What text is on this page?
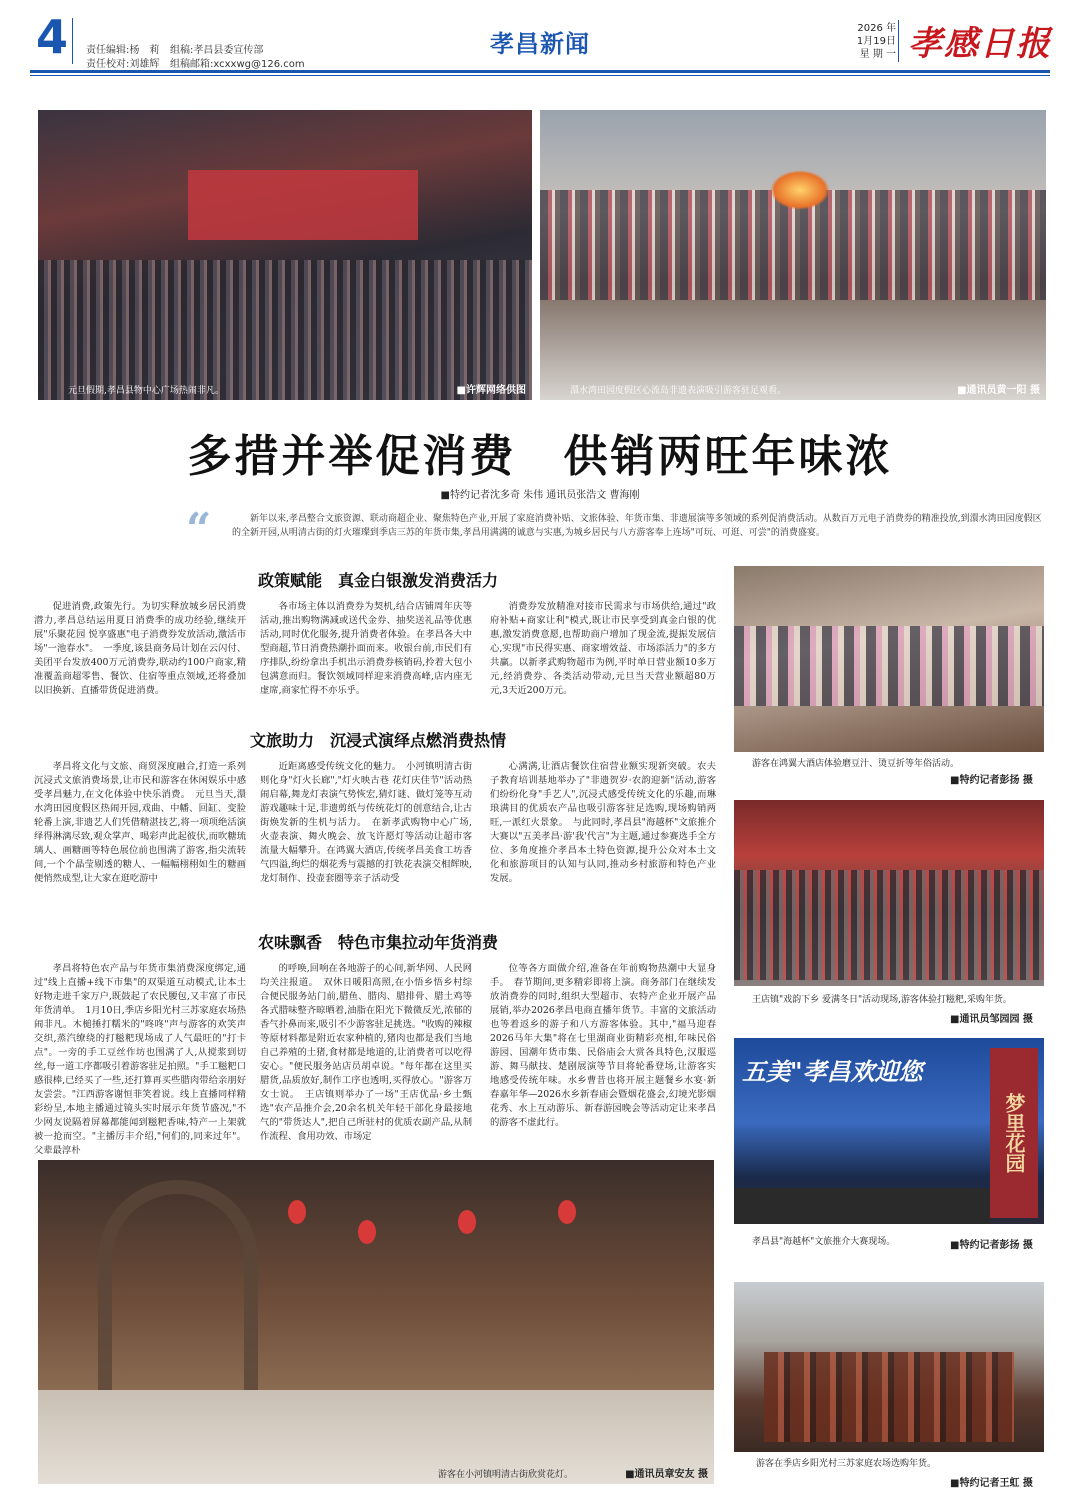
4 责任编辑:杨　莉
责任校对:刘雄辉
组稿:孝昌县委宣传部
组稿邮箱:xcxxwg@126.com
孝昌新闻
2026 年
1月19日
星 期 一 孝感日报
元旦假期,孝昌县物中心广场热闹非凡。	■许辉网络供图	澴水湾田园度假区心流岛非遗表演吸引游客驻足观看。	■通讯员黄一阳 摄
多措并举促消费　供销两旺年味浓
■特约记者沈多奇 朱伟 通讯员张浩文 曹海刚
“	新年以来,孝昌整合文旅资源、联动商超企业、聚焦特色产业,开展了家庭消费补贴、文旅体验、年货市集、非遗展演等多领域的系列促消费活动。从数百万元电子消费券的精准投放,到澴水湾田园度假区的全新开园,从明清古街的灯火璀璨到季店三苏的年货市集,孝昌用满满的诚意与实惠,为城乡居民与八方游客奉上连场"可玩、可逛、可尝"的消费盛宴。
政策赋能　真金白银激发消费活力

促进消费,政策先行。为切实释放城乡居民消费潜力,孝昌总结运用夏日消费季的成功经验,继续开展"乐聚花园 悦享盛惠"电子消费券发放活动,激活市场"一池春水"。　一季度,该县商务局计划在云闪付、美团平台发放400万元消费券,联动约100户商家,精准覆盖商超零售、餐饮、住宿等重点领域,还将叠加以旧换新、直播带货促进消费。

各市场主体以消费券为契机,结合店铺周年庆等活动,推出购物满减或送代金券、抽奖送礼品等优惠活动,同时优化服务,提升消费者体验。在孝昌各大中型商超,节日消费热潮扑面而来。收银台前,市民们有序排队,纷纷拿出手机出示消费券核销码,拎着大包小包满意而归。餐饮领域同样迎来消费高峰,店内座无虚席,商家忙得不亦乐乎。

消费券发放精准对接市民需求与市场供给,通过"政府补贴+商家让利"模式,既让市民享受到真金白银的优惠,激发消费意愿,也帮助商户增加了现金流,提振发展信心,实现"市民得实惠、商家增效益、市场添活力"的多方共赢。以新孝武购物超市为例,平时单日营业额10多万元,经消费券、各类活动带动,元旦当天营业额超80万元,3天近200万元。

文旅助力　沉浸式演绎点燃消费热情

孝昌将文化与文旅、商贸深度融合,打造一系列沉浸式文旅消费场景,让市民和游客在休闲娱乐中感受孝昌魅力,在文化体验中快乐消费。　元旦当天,澴水湾田园度假区热闹开园,戏曲、中幡、回缸、变脸轮番上演,非遗艺人们凭借精湛技艺,将一项项绝活演绎得淋漓尽致,观众掌声、喝彩声此起彼伏,而吹糖琉璃人、画糖画等特色展位前也围满了游客,指尖流转间,一个个晶莹剔透的糖人、一幅幅栩栩如生的糖画便悄然成型,让大家在逛吃游中

近距离感受传统文化的魅力。　小河镇明清古街则化身"灯火长廊","灯火映古巷 花灯庆佳节"活动热闹启幕,舞龙灯表演气势恢宏,猜灯谜、做灯笼等互动游戏趣味十足,非遗剪纸与传统花灯的创意结合,让古街焕发新的生机与活力。　在新孝武购物中心广场,火壶表演、舞火晚会、放飞许愿灯等活动让超市客流量大幅攀升。在鸿翼大酒店,传统孝昌美食工坊香气四溢,绚烂的烟花秀与震撼的打铁花表演交相辉映,龙灯制作、投壶套圈等亲子活动受

心满满,让酒店餐饮住宿营业额实现新突破。农夫子教育培训基地举办了"非遗贺岁·农韵迎新"活动,游客们纷纷化身"手艺人",沉浸式感受传统文化的乐趣,而琳琅满目的优质农产品也吸引游客驻足选购,现场购销两旺,一派红火景象。　与此同时,孝昌县"海越杯"文旅推介大赛以"五美孝昌·游'我'代言"为主题,通过参赛选手全方位、多角度推介孝昌本土特色资源,提升公众对本土文化和旅游项目的认知与认同,推动乡村旅游和特色产业发展。

农味飘香　特色市集拉动年货消费

孝昌将特色农产品与年货市集消费深度绑定,通过"线上直播+线下市集"的双渠道互动模式,让本土好物走进千家万户,既鼓起了农民腰包,又丰富了市民年货清单。　1月10日,季店乡阳光村三苏家庭农场热闹非凡。木槌捶打糯米的"咚咚"声与游客的欢笑声交织,蒸汽缭绕的打糍粑现场成了人气最旺的"打卡点"。一旁的手工豆丝作坊也围满了人,从搅浆到切丝,每一道工序都吸引着游客驻足拍照。"手工糍粑口感很棒,已经买了一些,还打算再买些腊肉带给亲朋好友尝尝。"江西游客谢恒菲笑着说。线上直播同样精彩纷呈,本地主播通过镜头实时展示年货节盛况,"不少网友说隔着屏幕都能闻到糍粑香味,特产一上架就被一抢而空。"主播厉丰介绍,"何们的,同来过年"。父辈最淳朴

的呼唤,回响在各地游子的心间,新华网、人民网均关注报道。　双休日暖阳高照,在小悟乡悟乡村综合便民服务站门前,腊鱼、腊肉、腊排骨、腊土鸡等各式腊味整齐晾晒着,油脂在阳光下微微反光,浓郁的香气扑鼻而来,吸引不少游客驻足挑选。"收购的辣椒等原材料都是附近农家种植的,猪肉也都是我们当地自己养殖的土猪,食材都是地道的,让消费者可以吃得安心。"便民服务站店员胡卓说。"每年都在这里买腊货,品质放好,制作工序也透明,买得放心。"游客万女士说。　王店镇则举办了一场"王店优品·乡土甄选"农产品推介会,20余名机关年轻干部化身最接地气的"带货达人",把自己所驻村的优质农副产品,从制作流程、食用功效、市场定

位等各方面做介绍,准备在年前购物热潮中大显身手。　春节期间,更多精彩即将上演。商务部门在继续发放消费券的同时,组织大型超市、农特产企业开展产品展销,举办2026孝昌电商直播年货节。丰富的文旅活动也等着返乡的游子和八方游客体验。其中,"福马迎春 2026马年大集"将在七里湖商业街精彩亮相,年味民俗游园、国潮年货市集、民俗庙会大赏各具特色,汉服巡游、舞马献技、楚剧展演等节目将轮番登场,让游客实地感受传统年味。水乡曹昔也将开展主题餐乡水宴·新春嘉年华—2026水乡新春庙会暨烟花盛会,幻境光影烟花秀、水上互动游乐、新春游园晚会等活动定让来孝昌的游客不虚此行。

游客在小河镇明清古街欣赏花灯。	■通讯员章安友 摄
游客在鸿翼大酒店体验磨豆汁、烫豆折等年俗活动。
■特约记者彭扬 摄
王店镇"戏韵下乡 爱满冬日"活动现场,游客体验打糍粑,采购年货。
■通讯员邹园园 摄
五美"孝昌欢迎您
梦里花园
孝昌县"海越杯"文旅推介大赛现场。	■特约记者彭扬 摄
游客在季店乡阳光村三苏家庭农场选购年货。
■特约记者王虹 摄
